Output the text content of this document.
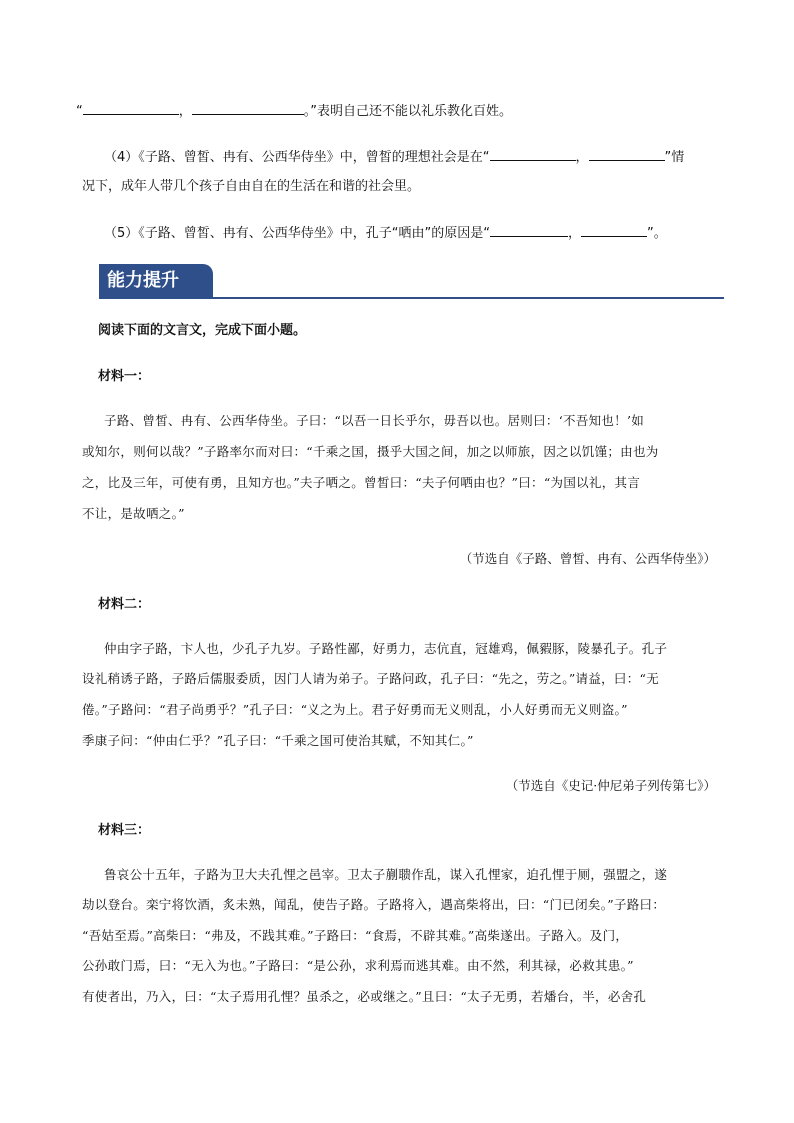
“	，	。”表明自己还不能以礼乐教化百姓。
（4）《子路、曾皙、冉有、公西华侍坐》中，曾皙的理想社会是在“	，	”情
况下，成年人带几个孩子自由自在的生活在和谐的社会里。
（5）《子路、曾皙、冉有、公西华侍坐》中，孔子“哂由”的原因是“	，	”。
能力提升
阅读下面的文言文，完成下面小题。
材料一：
子路、曾皙、冉有、公西华侍坐。子曰：“以吾一日长乎尔，毋吾以也。居则曰：‘不吾知也！’如
或知尔，则何以哉？”子路率尔而对曰：“千乘之国，摄乎大国之间，加之以师旅，因之以饥馑；由也为
之，比及三年，可使有勇，且知方也。”夫子哂之。曾皙曰：“夫子何哂由也？”曰：“为国以礼，其言
不让，是故哂之。”
（节选自《子路、曾皙、冉有、公西华侍坐》）
材料二：
仲由字子路，卞人也，少孔子九岁。子路性鄙，好勇力，志伉直，冠雄鸡，佩豭豚，陵暴孔子。孔子
设礼稍诱子路，子路后儒服委质，因门人请为弟子。子路问政，孔子曰：“先之，劳之。”请益，曰：“无
倦。”子路问：“君子尚勇乎？”孔子曰：“义之为上。君子好勇而无义则乱，小人好勇而无义则盗。”
季康子问：“仲由仁乎？”孔子曰：“千乘之国可使治其赋，不知其仁。”
（节选自《史记·仲尼弟子列传第七》）
材料三：
鲁哀公十五年，子路为卫大夫孔悝之邑宰。卫太子蒯聩作乱，谋入孔悝家，迫孔悝于厕，强盟之，遂
劫以登台。栾宁将饮酒，炙未熟，闻乱，使告子路。子路将入，遇高柴将出，曰：“门已闭矣。”子路曰：
“吾姑至焉。”高柴曰：“弗及，不践其难。”子路曰：“食焉，不辟其难。”高柴遂出。子路入。及门，
公孙敢门焉，曰：“无入为也。”子路曰：“是公孙，求利焉而逃其难。由不然，利其禄，必救其患。”
有使者出，乃入，曰：“太子焉用孔悝？虽杀之，必或继之。”且曰：“太子无勇，若燔台，半，必舍孔
